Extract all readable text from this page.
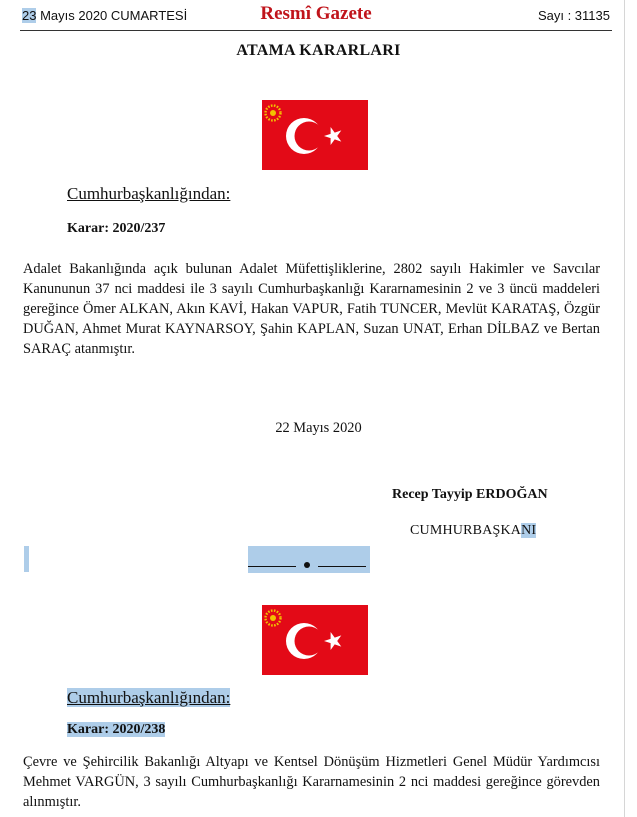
23 Mayıs 2020 CUMARTESİ	Resmî Gazete	Sayı : 31135
ATAMA KARARLARI
Cumhurbaşkanlığından:
Karar: 2020/237
Adalet Bakanlığında açık bulunan Adalet Müfettişliklerine, 2802 sayılı Hakimler ve Savcılar Kanununun 37 nci maddesi ile 3 sayılı Cumhurbaşkanlığı Kararnamesinin 2 ve 3 üncü maddeleri gereğince Ömer ALKAN, Akın KAVİ, Hakan VAPUR, Fatih TUNCER, Mevlüt KARATAŞ, Özgür DUĞAN, Ahmet Murat KAYNARSOY, Şahin KAPLAN, Suzan UNAT, Erhan DİLBAZ ve Bertan SARAÇ atanmıştır.
22 Mayıs 2020
Recep Tayyip ERDOĞAN
CUMHURBAŞKANI
Cumhurbaşkanlığından:
Karar: 2020/238
Çevre ve Şehircilik Bakanlığı Altyapı ve Kentsel Dönüşüm Hizmetleri Genel Müdür Yardımcısı Mehmet VARGÜN, 3 sayılı Cumhurbaşkanlığı Kararnamesinin 2 nci maddesi gereğince görevden alınmıştır.
